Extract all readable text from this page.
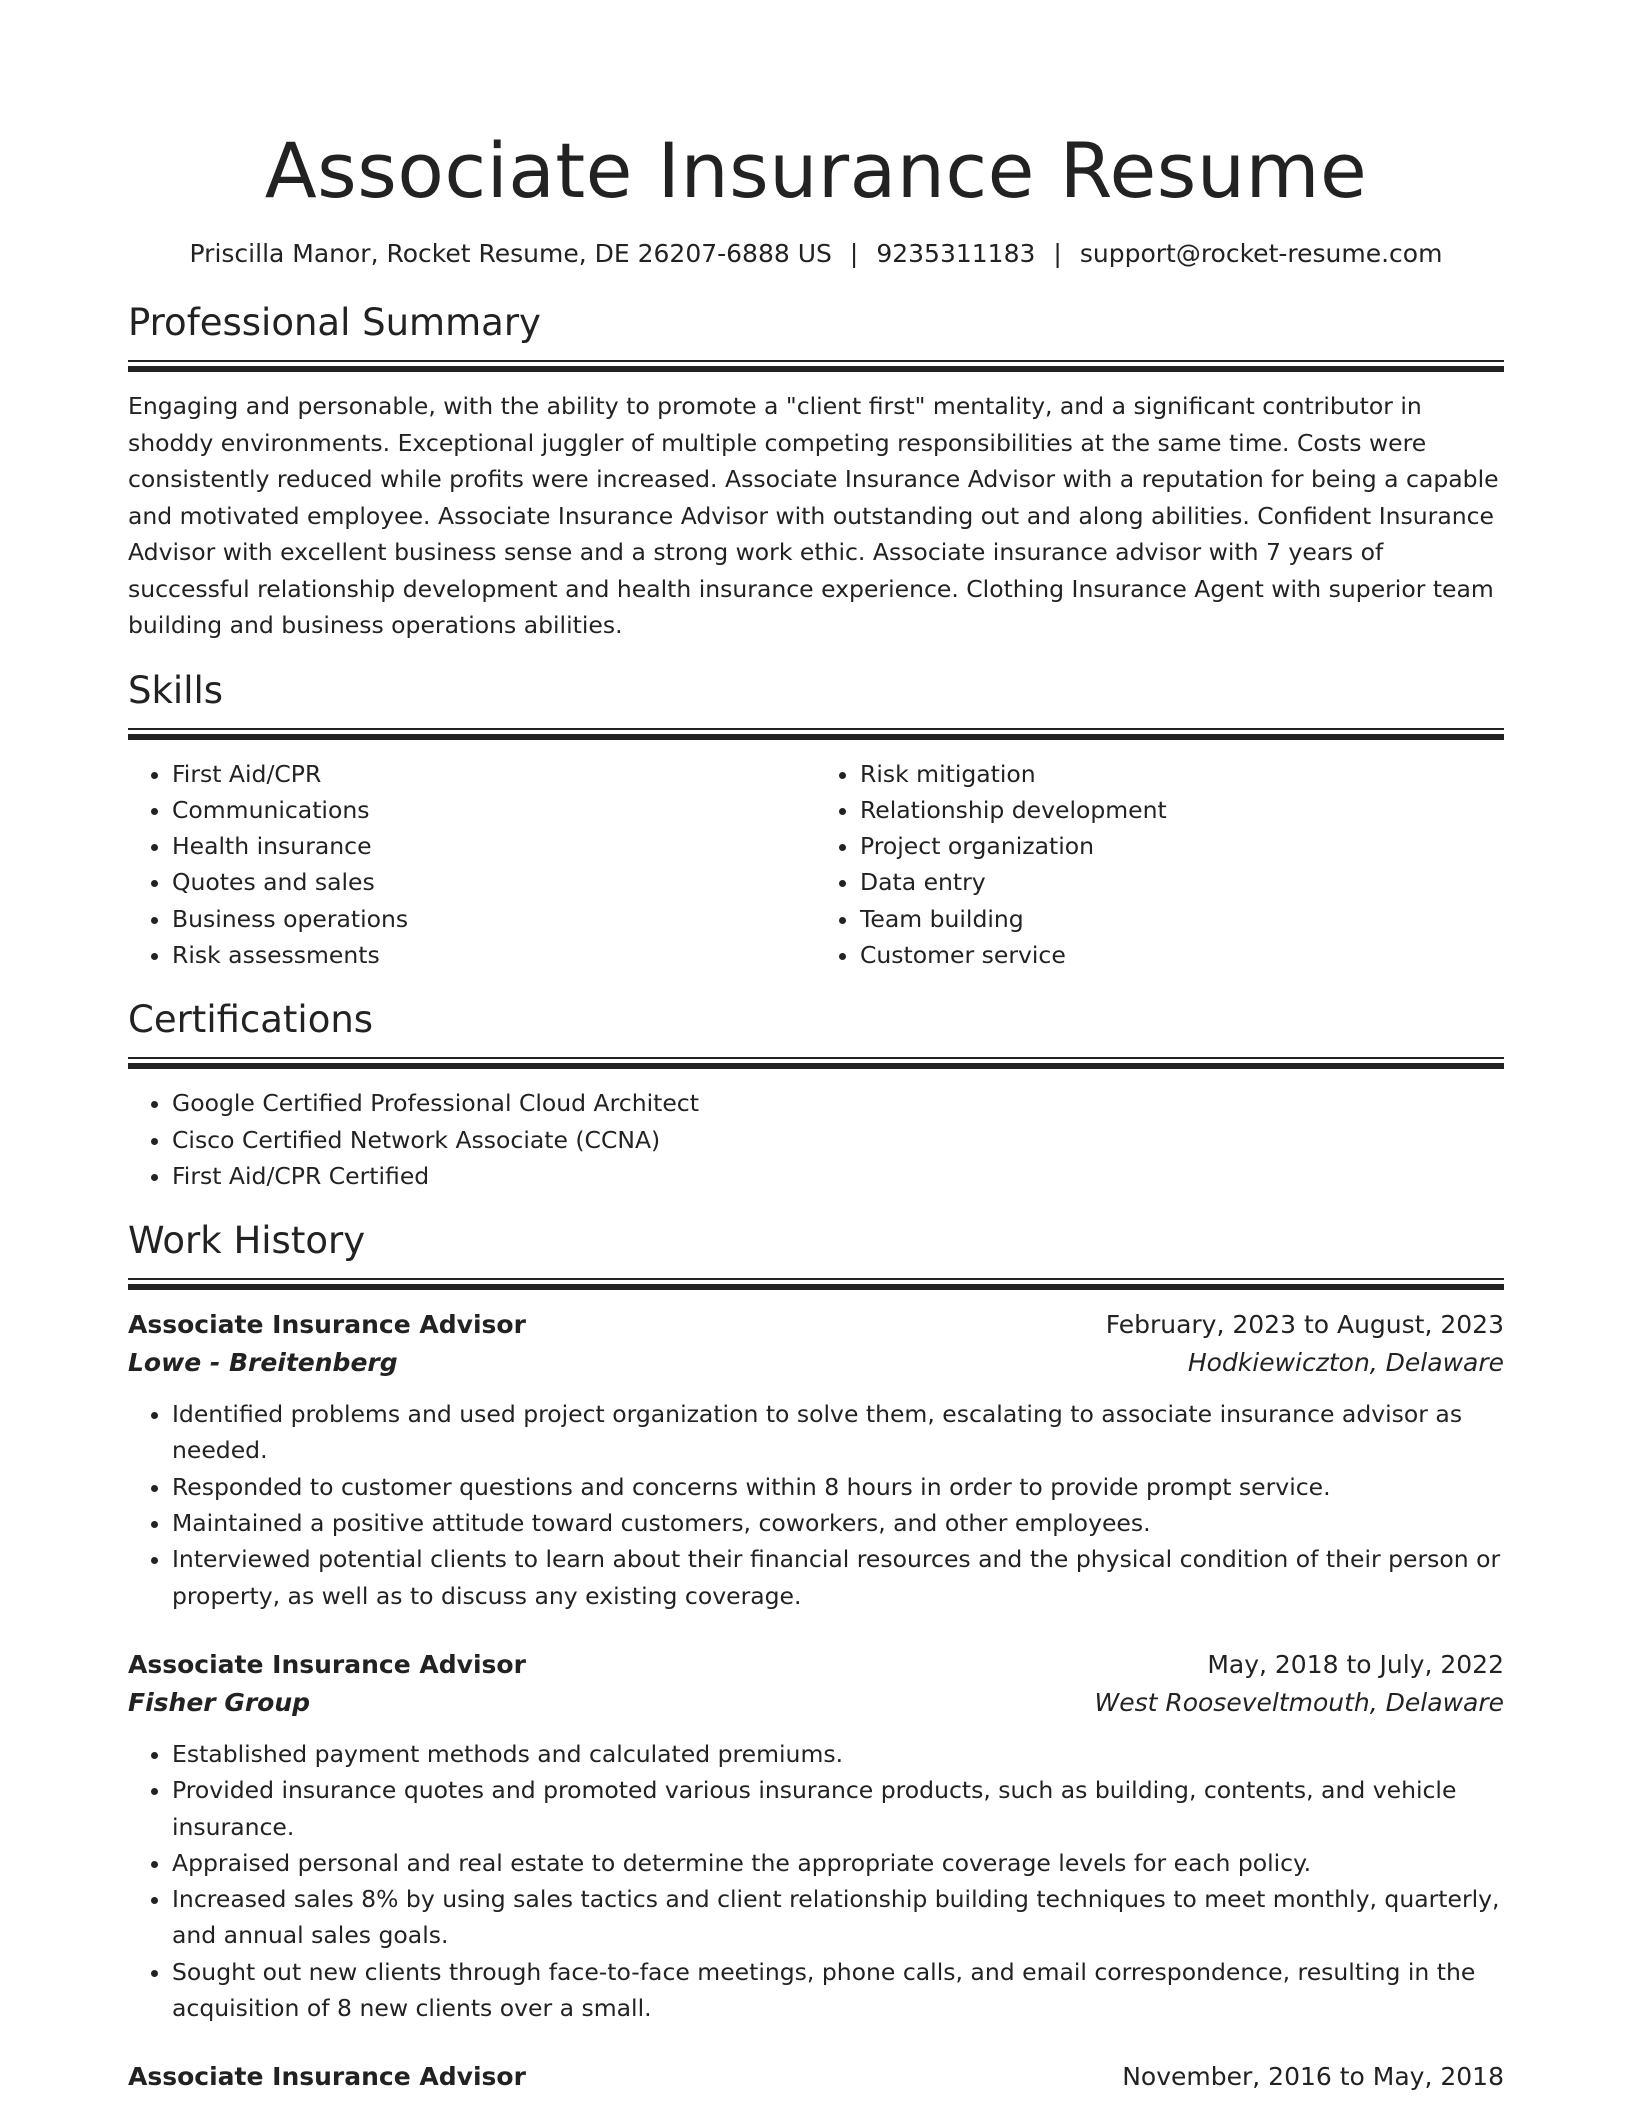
Associate Insurance Resume
Priscilla Manor, Rocket Resume, DE 26207-6888 US | 9235311183 | support@rocket-resume.com
Professional Summary
Engaging and personable, with the ability to promote a "client first" mentality, and a significant contributor in shoddy environments. Exceptional juggler of multiple competing responsibilities at the same time. Costs were consistently reduced while profits were increased. Associate Insurance Advisor with a reputation for being a capable and motivated employee. Associate Insurance Advisor with outstanding out and along abilities. Confident Insurance Advisor with excellent business sense and a strong work ethic. Associate insurance advisor with 7 years of successful relationship development and health insurance experience. Clothing Insurance Agent with superior team building and business operations abilities.
Skills
• First Aid/CPR
• Communications
• Health insurance
• Quotes and sales
• Business operations
• Risk assessments
• Risk mitigation
• Relationship development
• Project organization
• Data entry
• Team building
• Customer service
Certifications
• Google Certified Professional Cloud Architect
• Cisco Certified Network Associate (CCNA)
• First Aid/CPR Certified
Work History
Associate Insurance Advisor	February, 2023 to August, 2023
Lowe - Breitenberg	Hodkiewiczton, Delaware
• Identified problems and used project organization to solve them, escalating to associate insurance advisor as needed.
• Responded to customer questions and concerns within 8 hours in order to provide prompt service.
• Maintained a positive attitude toward customers, coworkers, and other employees.
• Interviewed potential clients to learn about their financial resources and the physical condition of their person or property, as well as to discuss any existing coverage.
Associate Insurance Advisor	May, 2018 to July, 2022
Fisher Group	West Rooseveltmouth, Delaware
• Established payment methods and calculated premiums.
• Provided insurance quotes and promoted various insurance products, such as building, contents, and vehicle insurance.
• Appraised personal and real estate to determine the appropriate coverage levels for each policy.
• Increased sales 8% by using sales tactics and client relationship building techniques to meet monthly, quarterly, and annual sales goals.
• Sought out new clients through face-to-face meetings, phone calls, and email correspondence, resulting in the acquisition of 8 new clients over a small.
Associate Insurance Advisor	November, 2016 to May, 2018
